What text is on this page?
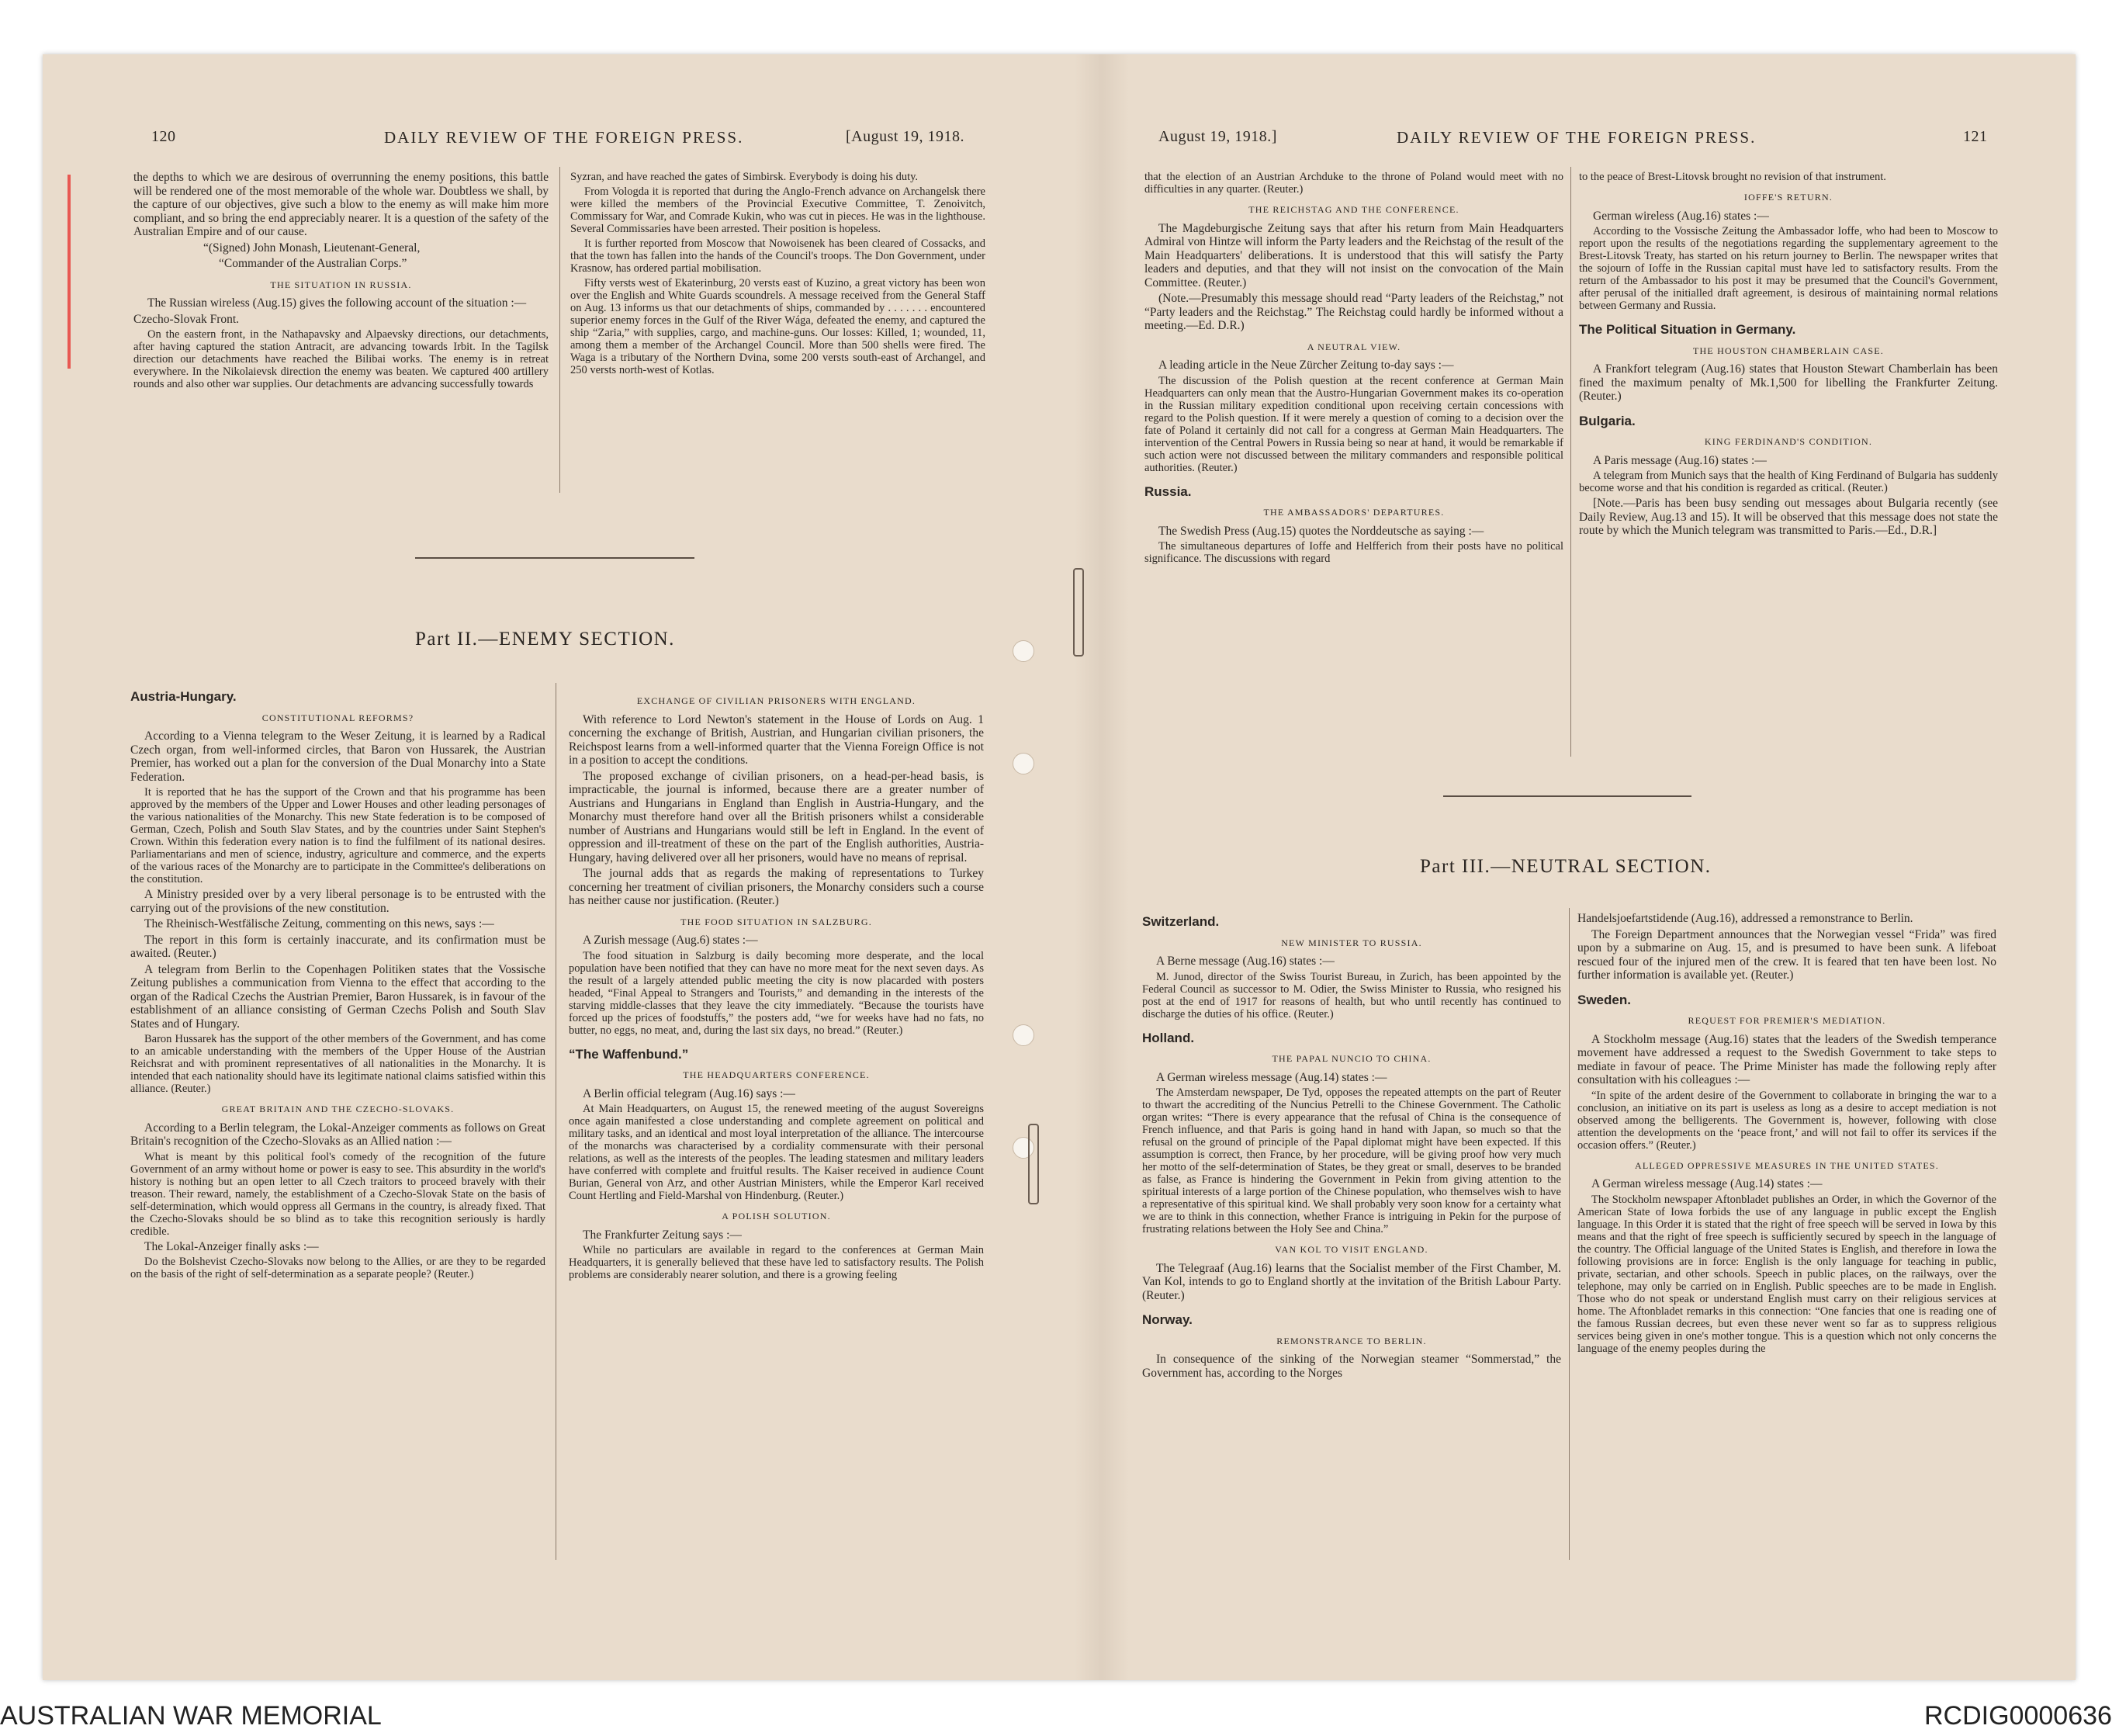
120	DAILY REVIEW OF THE FOREIGN PRESS.	[August 19, 1918.	August 19, 1918.]	DAILY REVIEW OF THE FOREIGN PRESS.	121

the depths to which we are desirous of overrunning the enemy positions, this battle will be rendered one of the most memorable of the whole war. Doubtless we shall, by the capture of our objectives, give such a blow to the enemy as will make him more compliant, and so bring the end appreciably nearer. It is a question of the safety of the Australian Empire and of our cause.

“(Signed) John Monash, Lieutenant-General,

“Commander of the Australian Corps.”

THE SITUATION IN RUSSIA.

The Russian wireless (Aug.15) gives the following account of the situation :—

Czecho-Slovak Front.

On the eastern front, in the Nathapavsky and Alpaevsky directions, our detachments, after having captured the station Antracit, are advancing towards Irbit. In the Tagilsk direction our detachments have reached the Bilibai works. The enemy is in retreat everywhere. In the Nikolaievsk direction the enemy was beaten. We captured 400 artillery rounds and also other war supplies. Our detachments are advancing successfully towards

Syzran, and have reached the gates of Simbirsk. Everybody is doing his duty.

From Vologda it is reported that during the Anglo-French advance on Archangelsk there were killed the members of the Provincial Executive Committee, T. Zenoivitch, Commissary for War, and Comrade Kukin, who was cut in pieces. He was in the lighthouse. Several Commissaries have been arrested. Their position is hopeless.

It is further reported from Moscow that Nowoisenek has been cleared of Cossacks, and that the town has fallen into the hands of the Council's troops. The Don Government, under Krasnow, has ordered partial mobilisation.

Fifty versts west of Ekaterinburg, 20 versts east of Kuzino, a great victory has been won over the English and White Guards scoundrels. A message received from the General Staff on Aug. 13 informs us that our detachments of ships, commanded by . . . . . . . encountered superior enemy forces in the Gulf of the River Wága, defeated the enemy, and captured the ship “Zaria,” with supplies, cargo, and machine-guns. Our losses: Killed, 1; wounded, 11, among them a member of the Archangel Council. More than 500 shells were fired. The Waga is a tributary of the Northern Dvina, some 200 versts south-east of Archangel, and 250 versts north-west of Kotlas.

Part II.—ENEMY SECTION.

Austria-Hungary.

CONSTITUTIONAL REFORMS?

According to a Vienna telegram to the Weser Zeitung, it is learned by a Radical Czech organ, from well-informed circles, that Baron von Hussarek, the Austrian Premier, has worked out a plan for the conversion of the Dual Monarchy into a State Federation.

It is reported that he has the support of the Crown and that his programme has been approved by the members of the Upper and Lower Houses and other leading personages of the various nationalities of the Monarchy. This new State federation is to be composed of German, Czech, Polish and South Slav States, and by the countries under Saint Stephen's Crown. Within this federation every nation is to find the fulfilment of its national desires. Parliamentarians and men of science, industry, agriculture and commerce, and the experts of the various races of the Monarchy are to participate in the Committee's deliberations on the constitution.

A Ministry presided over by a very liberal personage is to be entrusted with the carrying out of the provisions of the new constitution.

The Rheinisch-Westfälische Zeitung, commenting on this news, says :—

The report in this form is certainly inaccurate, and its confirmation must be awaited. (Reuter.)

A telegram from Berlin to the Copenhagen Politiken states that the Vossische Zeitung publishes a communication from Vienna to the effect that according to the organ of the Radical Czechs the Austrian Premier, Baron Hussarek, is in favour of the establishment of an alliance consisting of German Czechs Polish and South Slav States and of Hungary.

Baron Hussarek has the support of the other members of the Government, and has come to an amicable understanding with the members of the Upper House of the Austrian Reichsrat and with prominent representatives of all nationalities in the Monarchy. It is intended that each nationality should have its legitimate national claims satisfied within this alliance. (Reuter.)

GREAT BRITAIN AND THE CZECHO-SLOVAKS.

According to a Berlin telegram, the Lokal-Anzeiger comments as follows on Great Britain's recognition of the Czecho-Slovaks as an Allied nation :—

What is meant by this political fool's comedy of the recognition of the future Government of an army without home or power is easy to see. This absurdity in the world's history is nothing but an open letter to all Czech traitors to proceed bravely with their treason. Their reward, namely, the establishment of a Czecho-Slovak State on the basis of self-determination, which would oppress all Germans in the country, is already fixed. That the Czecho-Slovaks should be so blind as to take this recognition seriously is hardly credible.

The Lokal-Anzeiger finally asks :—

Do the Bolshevist Czecho-Slovaks now belong to the Allies, or are they to be regarded on the basis of the right of self-determination as a separate people? (Reuter.)

EXCHANGE OF CIVILIAN PRISONERS WITH ENGLAND.

With reference to Lord Newton's statement in the House of Lords on Aug. 1 concerning the exchange of British, Austrian, and Hungarian civilian prisoners, the Reichspost learns from a well-informed quarter that the Vienna Foreign Office is not in a position to accept the conditions.

The proposed exchange of civilian prisoners, on a head-per-head basis, is impracticable, the journal is informed, because there are a greater number of Austrians and Hungarians in England than English in Austria-Hungary, and the Monarchy must therefore hand over all the British prisoners whilst a considerable number of Austrians and Hungarians would still be left in England. In the event of oppression and ill-treatment of these on the part of the English authorities, Austria-Hungary, having delivered over all her prisoners, would have no means of reprisal.

The journal adds that as regards the making of representations to Turkey concerning her treatment of civilian prisoners, the Monarchy considers such a course has neither cause nor justification. (Reuter.)

THE FOOD SITUATION IN SALZBURG.

A Zurish message (Aug.6) states :—

The food situation in Salzburg is daily becoming more desperate, and the local population have been notified that they can have no more meat for the next seven days. As the result of a largely attended public meeting the city is now placarded with posters headed, “Final Appeal to Strangers and Tourists,” and demanding in the interests of the starving middle-classes that they leave the city immediately. “Because the tourists have forced up the prices of foodstuffs,” the posters add, “we for weeks have had no fats, no butter, no eggs, no meat, and, during the last six days, no bread.” (Reuter.)

“The Waffenbund.”

THE HEADQUARTERS CONFERENCE.

A Berlin official telegram (Aug.16) says :—

At Main Headquarters, on August 15, the renewed meeting of the august Sovereigns once again manifested a close understanding and complete agreement on political and military tasks, and an identical and most loyal interpretation of the alliance. The intercourse of the monarchs was characterised by a cordiality commensurate with their personal relations, as well as the interests of the peoples. The leading statesmen and military leaders have conferred with complete and fruitful results. The Kaiser received in audience Count Burian, General von Arz, and other Austrian Ministers, while the Emperor Karl received Count Hertling and Field-Marshal von Hindenburg. (Reuter.)

A POLISH SOLUTION.

The Frankfurter Zeitung says :—

While no particulars are available in regard to the conferences at German Main Headquarters, it is generally believed that these have led to satisfactory results. The Polish problems are considerably nearer solution, and there is a growing feeling

that the election of an Austrian Archduke to the throne of Poland would meet with no difficulties in any quarter. (Reuter.)

THE REICHSTAG AND THE CONFERENCE.

The Magdeburgische Zeitung says that after his return from Main Headquarters Admiral von Hintze will inform the Party leaders and the Reichstag of the result of the Main Headquarters' deliberations. It is understood that this will satisfy the Party leaders and deputies, and that they will not insist on the convocation of the Main Committee. (Reuter.)

(Note.—Presumably this message should read “Party leaders of the Reichstag,” not “Party leaders and the Reichstag.” The Reichstag could hardly be informed without a meeting.—Ed. D.R.)

A NEUTRAL VIEW.

A leading article in the Neue Zürcher Zeitung to-day says :—

The discussion of the Polish question at the recent conference at German Main Headquarters can only mean that the Austro-Hungarian Government makes its co-operation in the Russian military expedition conditional upon receiving certain concessions with regard to the Polish question. If it were merely a question of coming to a decision over the fate of Poland it certainly did not call for a congress at German Main Headquarters. The intervention of the Central Powers in Russia being so near at hand, it would be remarkable if such action were not discussed between the military commanders and responsible political authorities. (Reuter.)

Russia.

THE AMBASSADORS' DEPARTURES.

The Swedish Press (Aug.15) quotes the Norddeutsche as saying :—

The simultaneous departures of Ioffe and Helfferich from their posts have no political significance. The discussions with regard

to the peace of Brest-Litovsk brought no revision of that instrument.

IOFFE'S RETURN.

German wireless (Aug.16) states :—

According to the Vossische Zeitung the Ambassador Ioffe, who had been to Moscow to report upon the results of the negotiations regarding the supplementary agreement to the Brest-Litovsk Treaty, has started on his return journey to Berlin. The newspaper writes that the sojourn of Ioffe in the Russian capital must have led to satisfactory results. From the return of the Ambassador to his post it may be presumed that the Council's Government, after perusal of the initialled draft agreement, is desirous of maintaining normal relations between Germany and Russia.

The Political Situation in Germany.

THE HOUSTON CHAMBERLAIN CASE.

A Frankfort telegram (Aug.16) states that Houston Stewart Chamberlain has been fined the maximum penalty of Mk.1,500 for libelling the Frankfurter Zeitung. (Reuter.)

Bulgaria.

KING FERDINAND'S CONDITION.

A Paris message (Aug.16) states :—

A telegram from Munich says that the health of King Ferdinand of Bulgaria has suddenly become worse and that his condition is regarded as critical. (Reuter.)

[Note.—Paris has been busy sending out messages about Bulgaria recently (see Daily Review, Aug.13 and 15). It will be observed that this message does not state the route by which the Munich telegram was transmitted to Paris.—Ed., D.R.]

Part III.—NEUTRAL SECTION.

Switzerland.

NEW MINISTER TO RUSSIA.

A Berne message (Aug.16) states :—

M. Junod, director of the Swiss Tourist Bureau, in Zurich, has been appointed by the Federal Council as successor to M. Odier, the Swiss Minister to Russia, who resigned his post at the end of 1917 for reasons of health, but who until recently has continued to discharge the duties of his office. (Reuter.)

Holland.

THE PAPAL NUNCIO TO CHINA.

A German wireless message (Aug.14) states :—

The Amsterdam newspaper, De Tyd, opposes the repeated attempts on the part of Reuter to thwart the accrediting of the Nuncius Petrelli to the Chinese Government. The Catholic organ writes: “There is every appearance that the refusal of China is the consequence of French influence, and that Paris is going hand in hand with Japan, so much so that the refusal on the ground of principle of the Papal diplomat might have been expected. If this assumption is correct, then France, by her procedure, will be giving proof how very much her motto of the self-determination of States, be they great or small, deserves to be branded as false, as France is hindering the Government in Pekin from giving attention to the spiritual interests of a large portion of the Chinese population, who themselves wish to have a representative of this spiritual kind. We shall probably very soon know for a certainty what we are to think in this connection, whether France is intriguing in Pekin for the purpose of frustrating relations between the Holy See and China.”

VAN KOL TO VISIT ENGLAND.

The Telegraaf (Aug.16) learns that the Socialist member of the First Chamber, M. Van Kol, intends to go to England shortly at the invitation of the British Labour Party. (Reuter.)

Norway.

REMONSTRANCE TO BERLIN.

In consequence of the sinking of the Norwegian steamer “Sommerstad,” the Government has, according to the Norges

Handelsjoefartstidende (Aug.16), addressed a remonstrance to Berlin.

The Foreign Department announces that the Norwegian vessel “Frida” was fired upon by a submarine on Aug. 15, and is presumed to have been sunk. A lifeboat rescued four of the injured men of the crew. It is feared that ten have been lost. No further information is available yet. (Reuter.)

Sweden.

REQUEST FOR PREMIER'S MEDIATION.

A Stockholm message (Aug.16) states that the leaders of the Swedish temperance movement have addressed a request to the Swedish Government to take steps to mediate in favour of peace. The Prime Minister has made the following reply after consultation with his colleagues :—

“In spite of the ardent desire of the Government to collaborate in bringing the war to a conclusion, an initiative on its part is useless as long as a desire to accept mediation is not observed among the belligerents. The Government is, however, following with close attention the developments on the ‘peace front,’ and will not fail to offer its services if the occasion offers.” (Reuter.)

ALLEGED OPPRESSIVE MEASURES IN THE UNITED STATES.

A German wireless message (Aug.14) states :—

The Stockholm newspaper Aftonbladet publishes an Order, in which the Governor of the American State of Iowa forbids the use of any language in public except the English language. In this Order it is stated that the right of free speech will be served in Iowa by this means and that the right of free speech is sufficiently secured by speech in the language of the country. The Official language of the United States is English, and therefore in Iowa the following provisions are in force: English is the only language for teaching in public, private, sectarian, and other schools. Speech in public places, on the railways, over the telephone, may only be carried on in English. Public speeches are to be made in English. Those who do not speak or understand English must carry on their religious services at home. The Aftonbladet remarks in this connection: “One fancies that one is reading one of the famous Russian decrees, but even these never went so far as to suppress religious services being given in one's mother tongue. This is a question which not only concerns the language of the enemy peoples during the

AUSTRALIAN WAR MEMORIAL	RCDIG0000636
